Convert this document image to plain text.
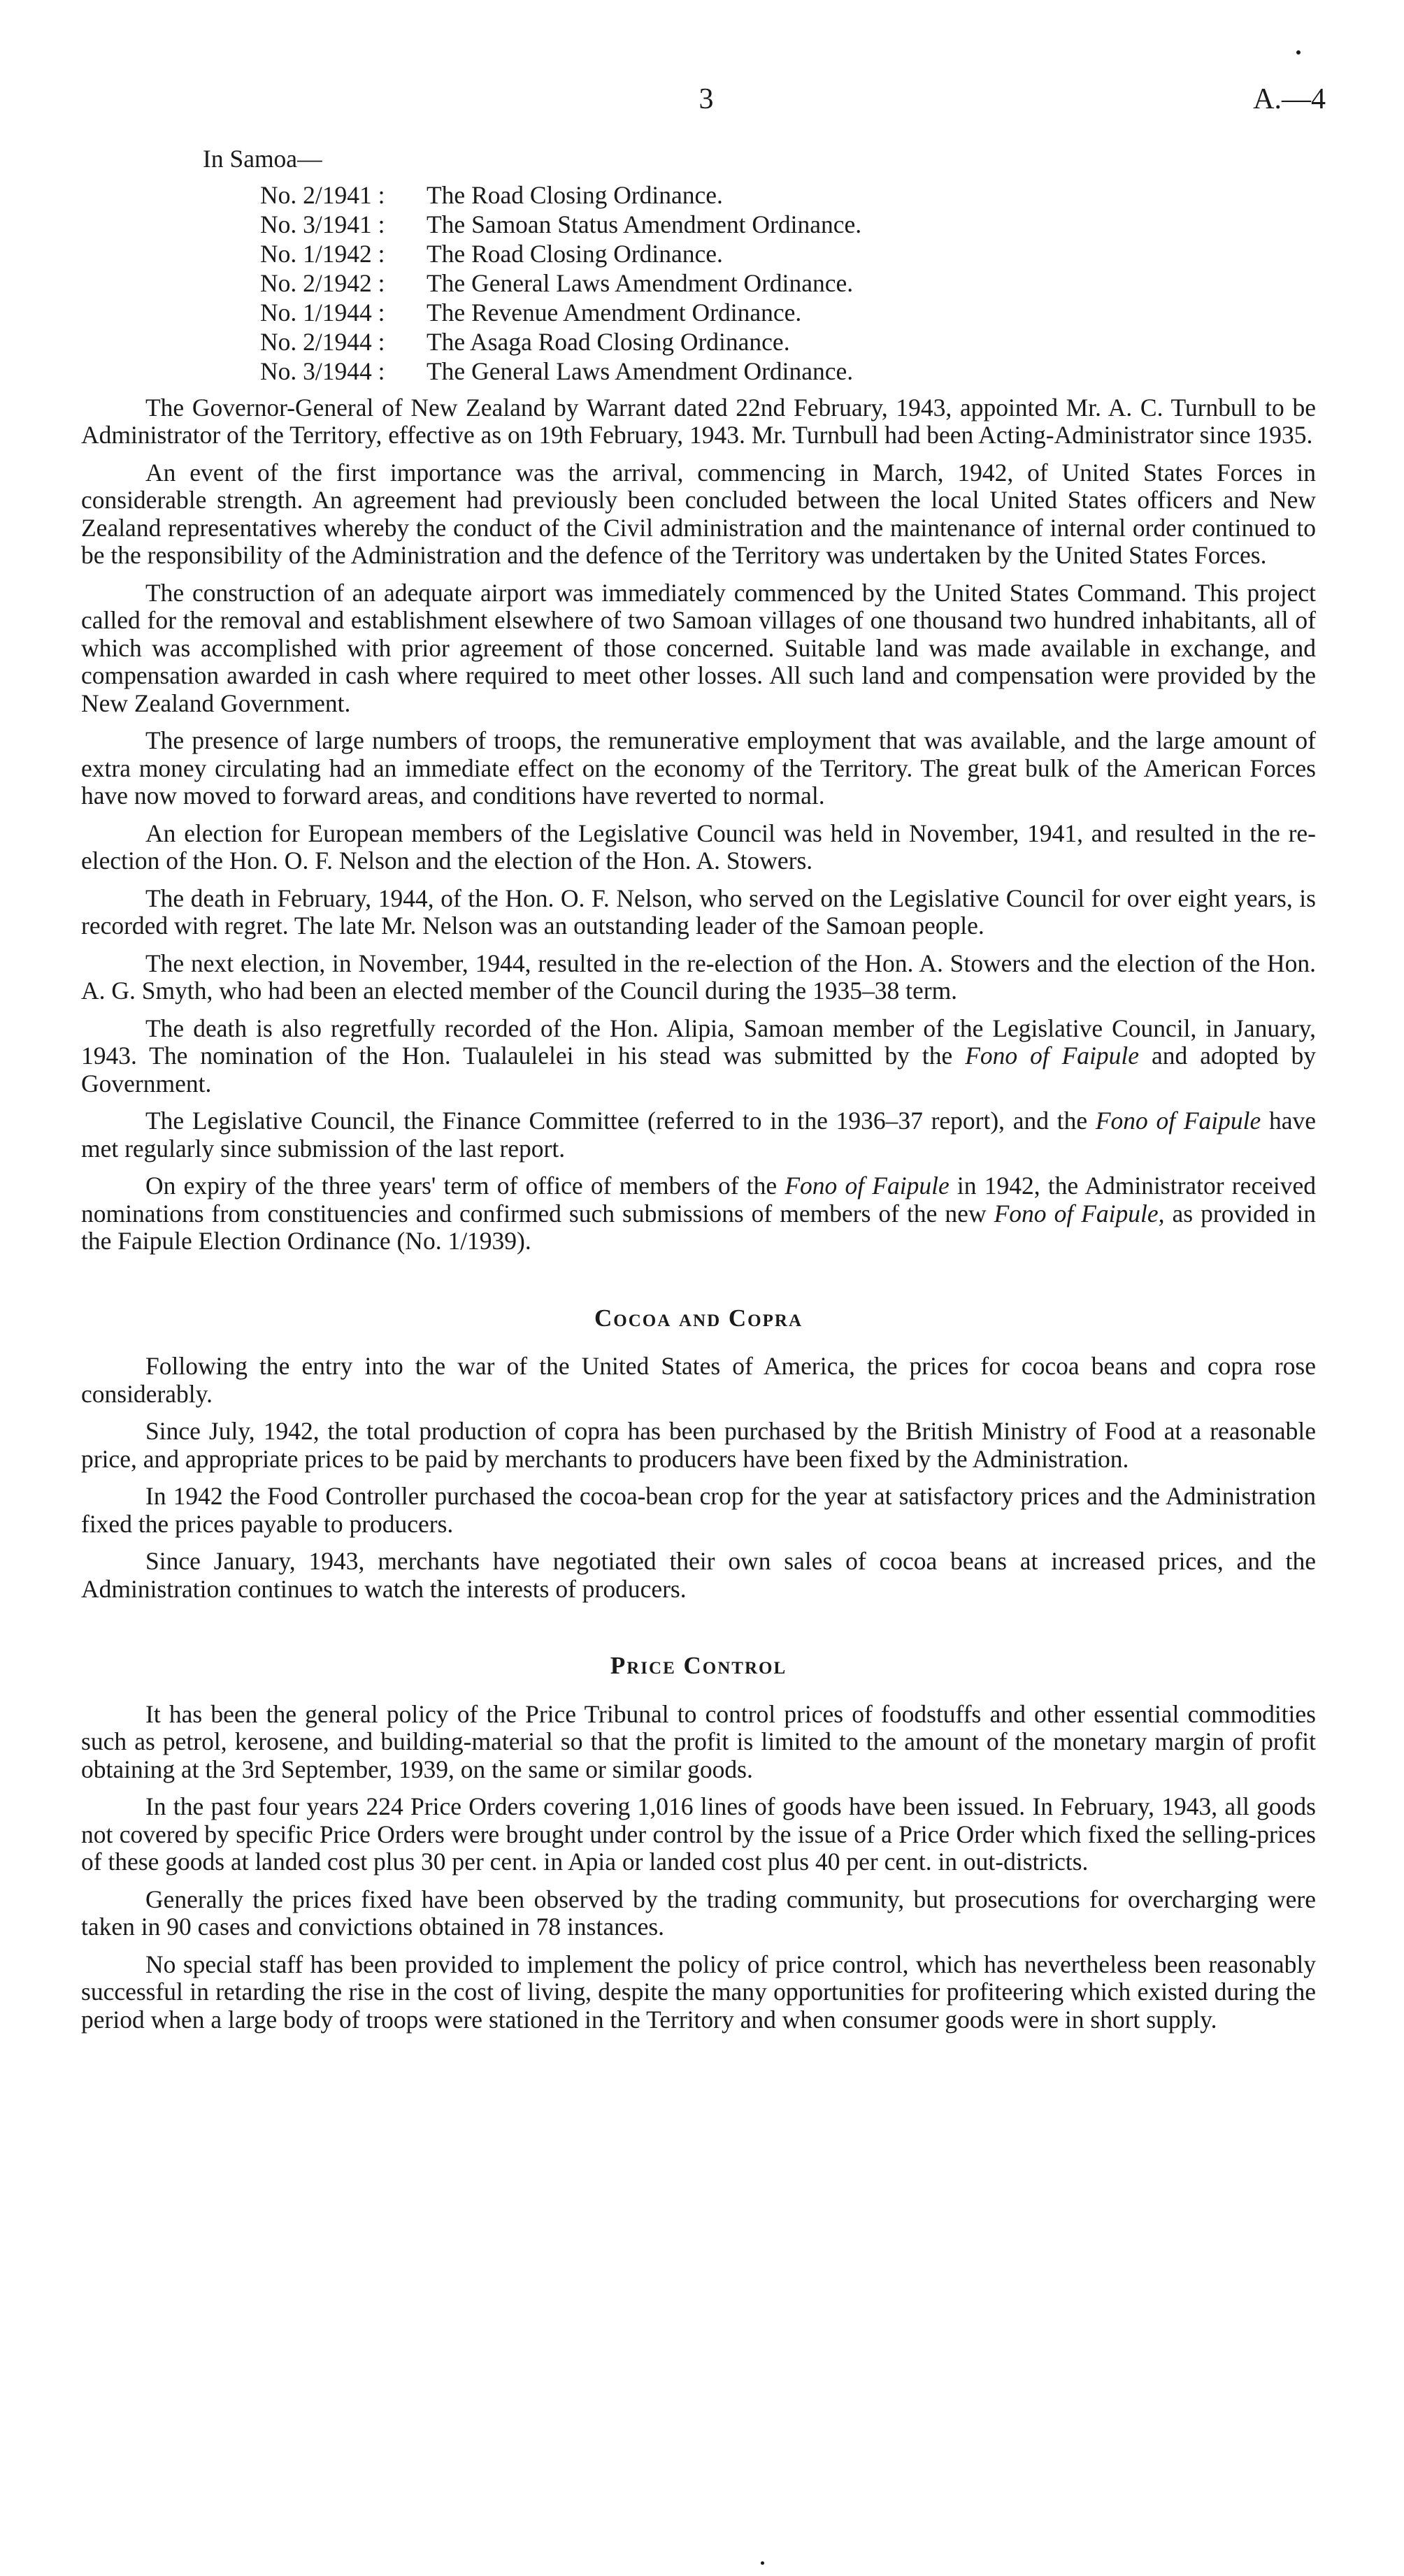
3	A.—4

In Samoa—

No. 2/1941 :	The Road Closing Ordinance.
No. 3/1941 :	The Samoan Status Amendment Ordinance.
No. 1/1942 :	The Road Closing Ordinance.
No. 2/1942 :	The General Laws Amendment Ordinance.
No. 1/1944 :	The Revenue Amendment Ordinance.
No. 2/1944 :	The Asaga Road Closing Ordinance.
No. 3/1944 :	The General Laws Amendment Ordinance.

The Governor-General of New Zealand by Warrant dated 22nd February, 1943, appointed Mr. A. C. Turnbull to be Administrator of the Territory, effective as on 19th February, 1943. Mr. Turnbull had been Acting-Administrator since 1935.

An event of the first importance was the arrival, commencing in March, 1942, of United States Forces in considerable strength. An agreement had previously been concluded between the local United States officers and New Zealand representatives whereby the conduct of the Civil administration and the maintenance of internal order continued to be the responsibility of the Administration and the defence of the Territory was undertaken by the United States Forces.

The construction of an adequate airport was immediately commenced by the United States Command. This project called for the removal and establishment elsewhere of two Samoan villages of one thousand two hundred inhabitants, all of which was accomplished with prior agreement of those concerned. Suitable land was made available in exchange, and compensation awarded in cash where required to meet other losses. All such land and compensation were provided by the New Zealand Government.

The presence of large numbers of troops, the remunerative employment that was available, and the large amount of extra money circulating had an immediate effect on the economy of the Territory. The great bulk of the American Forces have now moved to forward areas, and conditions have reverted to normal.

An election for European members of the Legislative Council was held in November, 1941, and resulted in the re-election of the Hon. O. F. Nelson and the election of the Hon. A. Stowers.

The death in February, 1944, of the Hon. O. F. Nelson, who served on the Legislative Council for over eight years, is recorded with regret. The late Mr. Nelson was an outstanding leader of the Samoan people.

The next election, in November, 1944, resulted in the re-election of the Hon. A. Stowers and the election of the Hon. A. G. Smyth, who had been an elected member of the Council during the 1935–38 term.

The death is also regretfully recorded of the Hon. Alipia, Samoan member of the Legislative Council, in January, 1943. The nomination of the Hon. Tualaulelei in his stead was submitted by the Fono of Faipule and adopted by Government.

The Legislative Council, the Finance Committee (referred to in the 1936–37 report), and the Fono of Faipule have met regularly since submission of the last report.

On expiry of the three years' term of office of members of the Fono of Faipule in 1942, the Administrator received nominations from constituencies and confirmed such submissions of members of the new Fono of Faipule, as provided in the Faipule Election Ordinance (No. 1/1939).

Cocoa and Copra

Following the entry into the war of the United States of America, the prices for cocoa beans and copra rose considerably.

Since July, 1942, the total production of copra has been purchased by the British Ministry of Food at a reasonable price, and appropriate prices to be paid by merchants to producers have been fixed by the Administration.

In 1942 the Food Controller purchased the cocoa-bean crop for the year at satisfactory prices and the Administration fixed the prices payable to producers.

Since January, 1943, merchants have negotiated their own sales of cocoa beans at increased prices, and the Administration continues to watch the interests of producers.

Price Control

It has been the general policy of the Price Tribunal to control prices of foodstuffs and other essential commodities such as petrol, kerosene, and building-material so that the profit is limited to the amount of the monetary margin of profit obtaining at the 3rd September, 1939, on the same or similar goods.

In the past four years 224 Price Orders covering 1,016 lines of goods have been issued. In February, 1943, all goods not covered by specific Price Orders were brought under control by the issue of a Price Order which fixed the selling-prices of these goods at landed cost plus 30 per cent. in Apia or landed cost plus 40 per cent. in out-districts.

Generally the prices fixed have been observed by the trading community, but prosecutions for overcharging were taken in 90 cases and convictions obtained in 78 instances.

No special staff has been provided to implement the policy of price control, which has nevertheless been reasonably successful in retarding the rise in the cost of living, despite the many opportunities for profiteering which existed during the period when a large body of troops were stationed in the Territory and when consumer goods were in short supply.
